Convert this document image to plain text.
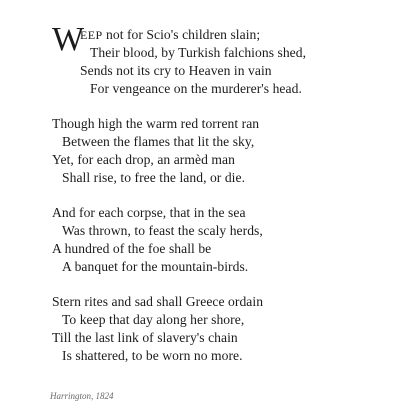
W
EEP not for Scio's children slain;
Their blood, by Turkish falchions shed,
Sends not its cry to Heaven in vain
For vengeance on the murderer's head.
Though high the warm red torrent ran
Between the flames that lit the sky,
Yet, for each drop, an armèd man
Shall rise, to free the land, or die.
And for each corpse, that in the sea
Was thrown, to feast the scaly herds,
A hundred of the foe shall be
A banquet for the mountain-birds.
Stern rites and sad shall Greece ordain
To keep that day along her shore,
Till the last link of slavery's chain
Is shattered, to be worn no more.
Harrington, 1824
